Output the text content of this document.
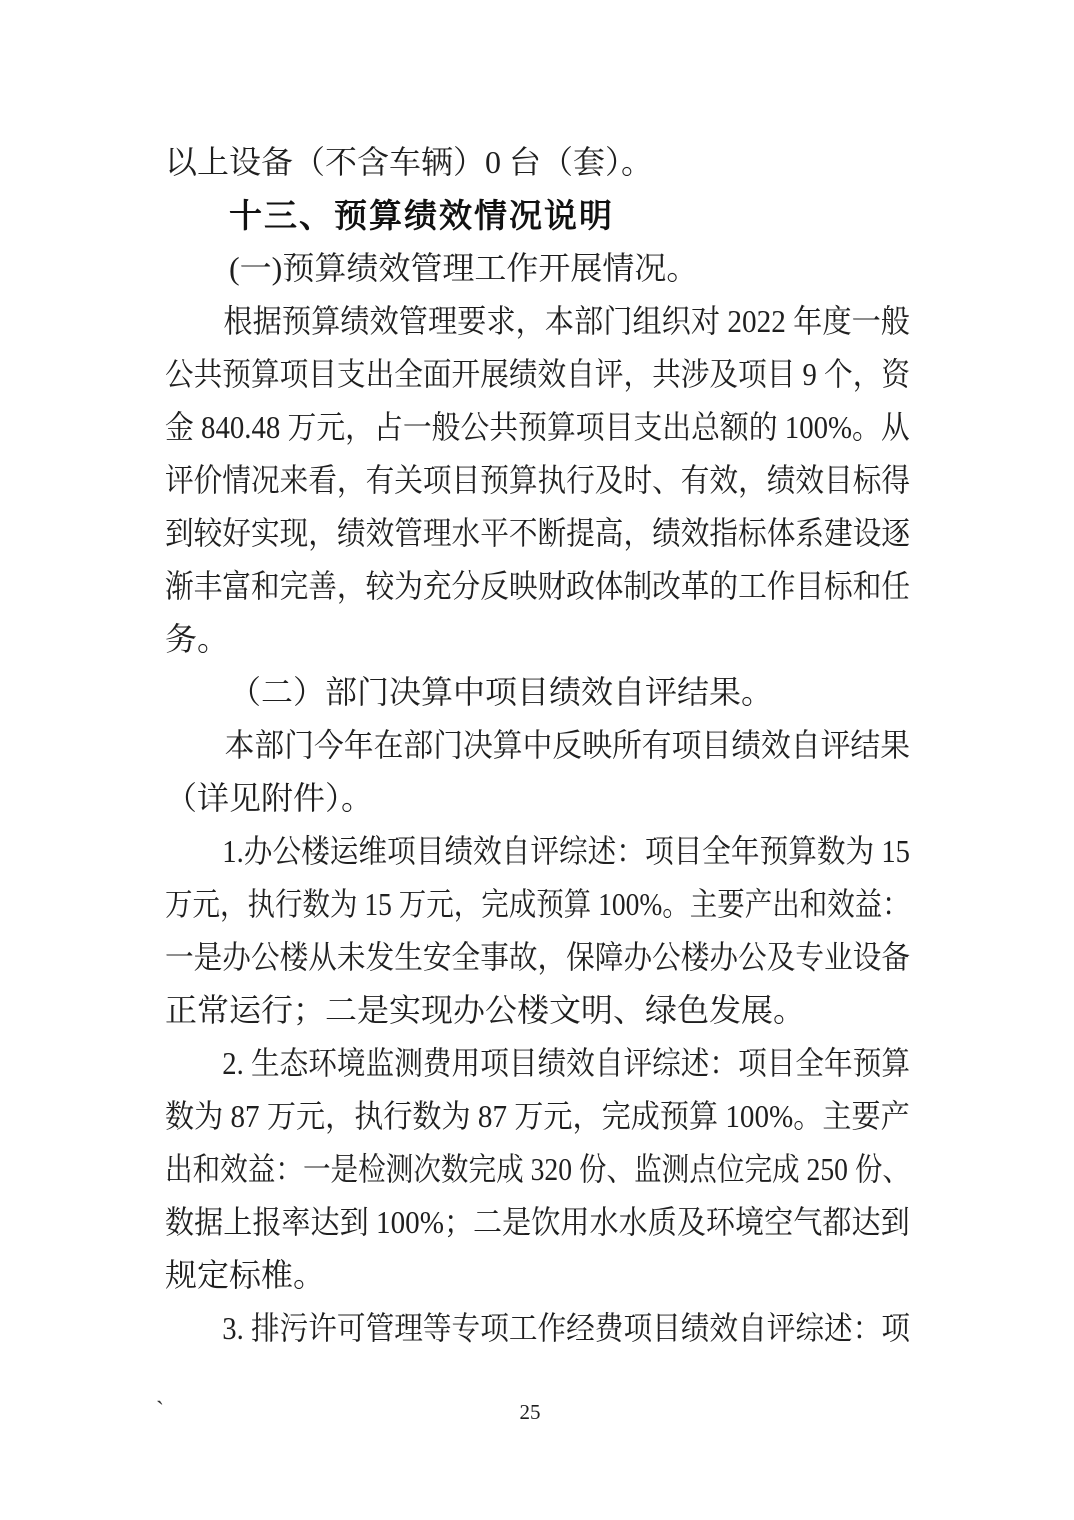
以上设备（不含车辆）0 台（套）。
十三、预算绩效情况说明
(一)预算绩效管理工作开展情况。
根据预算绩效管理要求，本部门组织对 2022 年度一般
公共预算项目支出全面开展绩效自评，共涉及项目 9 个，资
金 840.48 万元，占一般公共预算项目支出总额的 100%。从
评价情况来看，有关项目预算执行及时、有效，绩效目标得
到较好实现，绩效管理水平不断提高，绩效指标体系建设逐
渐丰富和完善，较为充分反映财政体制改革的工作目标和任
务。
（二）部门决算中项目绩效自评结果。
本部门今年在部门决算中反映所有项目绩效自评结果
（详见附件）。
1.办公楼运维项目绩效自评综述：项目全年预算数为 15
万元，执行数为 15 万元，完成预算 100%。主要产出和效益：
一是办公楼从未发生安全事故，保障办公楼办公及专业设备
正常运行；二是实现办公楼文明、绿色发展。
2. 生态环境监测费用项目绩效自评综述：项目全年预算
数为 87 万元，执行数为 87 万元，完成预算 100%。主要产
出和效益：一是检测次数完成 320 份、监测点位完成 250 份、
数据上报率达到 100%；二是饮用水水质及环境空气都达到
规定标椎。
3. 排污许可管理等专项工作经费项目绩效自评综述：项
`	25
